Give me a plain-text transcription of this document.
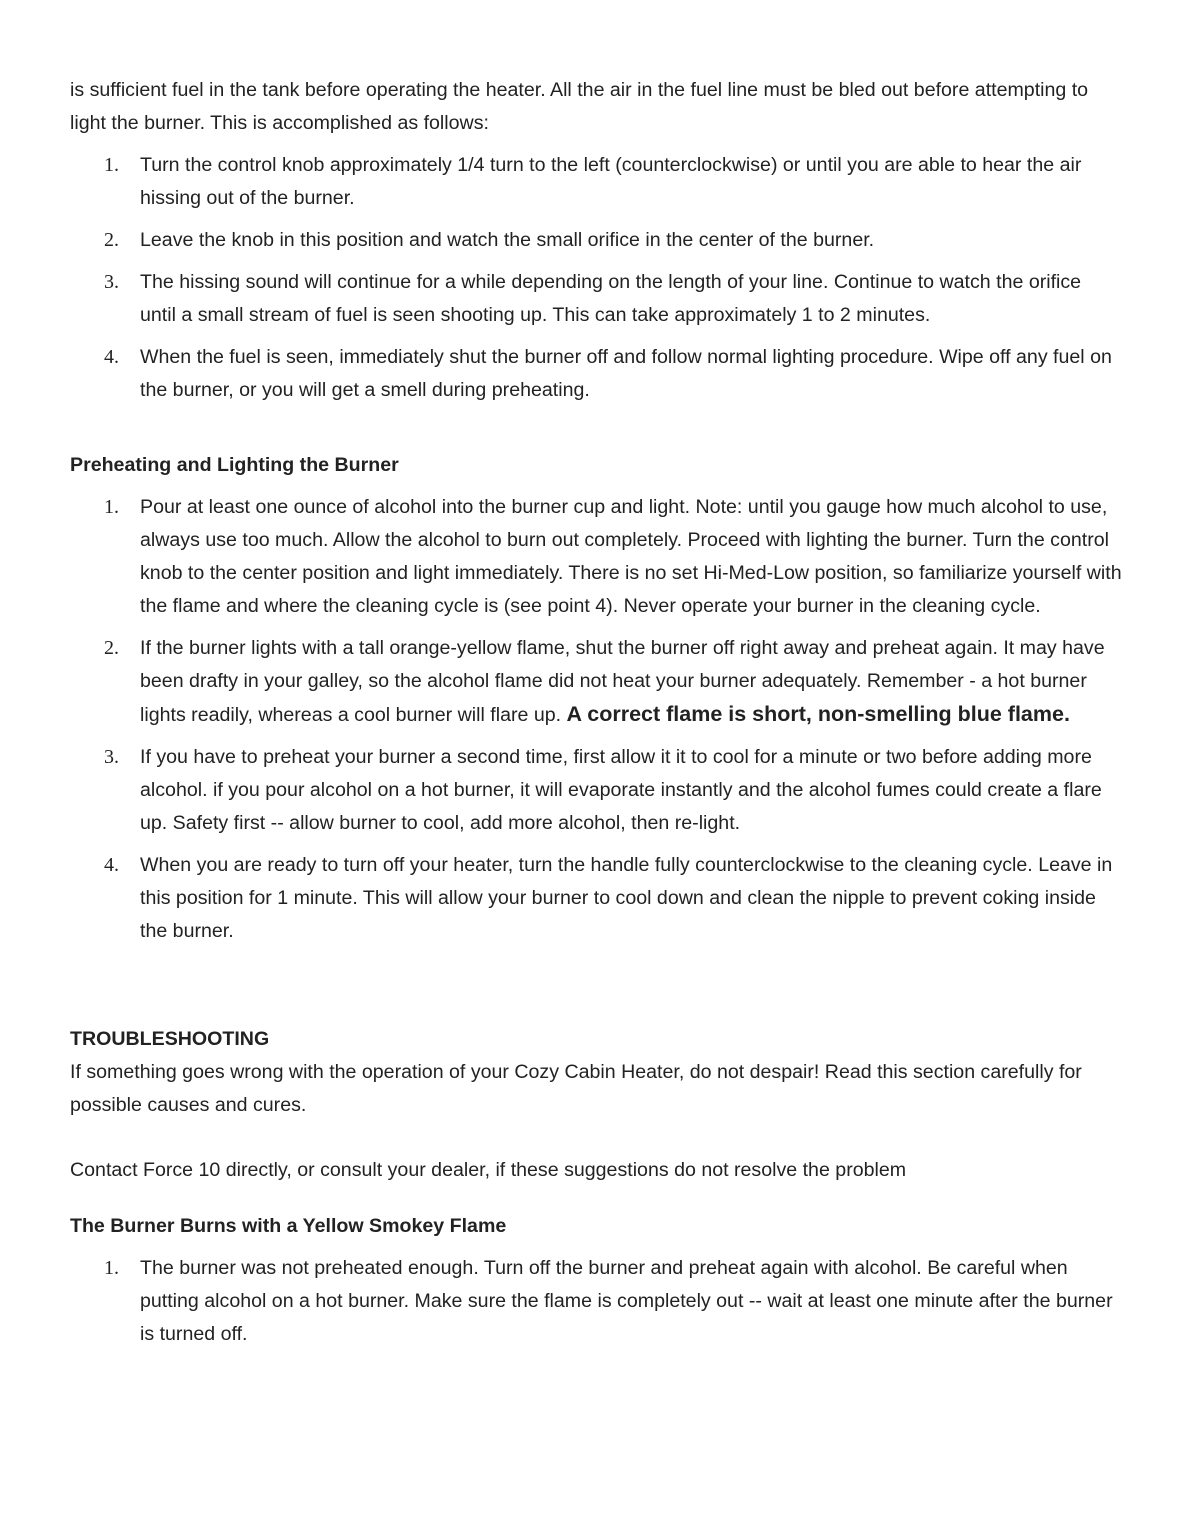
is sufficient fuel in the tank before operating the heater. All the air in the fuel line must be bled out before attempting to light the burner. This is accomplished as follows:

1.	Turn the control knob approximately 1/4 turn to the left (counterclockwise) or until you are able to hear the air hissing out of the burner.
2.	Leave the knob in this position and watch the small orifice in the center of the burner.
3.	The hissing sound will continue for a while depending on the length of your line. Continue to watch the orifice until a small stream of fuel is seen shooting up. This can take approximately 1 to 2 minutes.
4.	When the fuel is seen, immediately shut the burner off and follow normal lighting procedure. Wipe off any fuel on the burner, or you will get a smell during preheating.

Preheating and Lighting the Burner

1.	Pour at least one ounce of alcohol into the burner cup and light. Note: until you gauge how much alcohol to use, always use too much. Allow the alcohol to burn out completely. Proceed with lighting the burner. Turn the control knob to the center position and light immediately. There is no set Hi-Med-Low position, so familiarize yourself with the flame and where the cleaning cycle is (see point 4). Never operate your burner in the cleaning cycle.
2.	If the burner lights with a tall orange-yellow flame, shut the burner off right away and preheat again. It may have been drafty in your galley, so the alcohol flame did not heat your burner adequately. Remember - a hot burner lights readily, whereas a cool burner will flare up. A correct flame is short, non-smelling blue flame.
3.	If you have to preheat your burner a second time, first allow it it to cool for a minute or two before adding more alcohol. if you pour alcohol on a hot burner, it will evaporate instantly and the alcohol fumes could create a flare up. Safety first -- allow burner to cool, add more alcohol, then re-light.
4.	When you are ready to turn off your heater, turn the handle fully counterclockwise to the cleaning cycle. Leave in this position for 1 minute. This will allow your burner to cool down and clean the nipple to prevent coking inside the burner.

TROUBLESHOOTING

If something goes wrong with the operation of your Cozy Cabin Heater, do not despair! Read this section carefully for possible causes and cures.

Contact Force 10 directly, or consult your dealer, if these suggestions do not resolve the problem

The Burner Burns with a Yellow Smokey Flame

1.	The burner was not preheated enough. Turn off the burner and preheat again with alcohol. Be careful when putting alcohol on a hot burner. Make sure the flame is completely out -- wait at least one minute after the burner is turned off.
